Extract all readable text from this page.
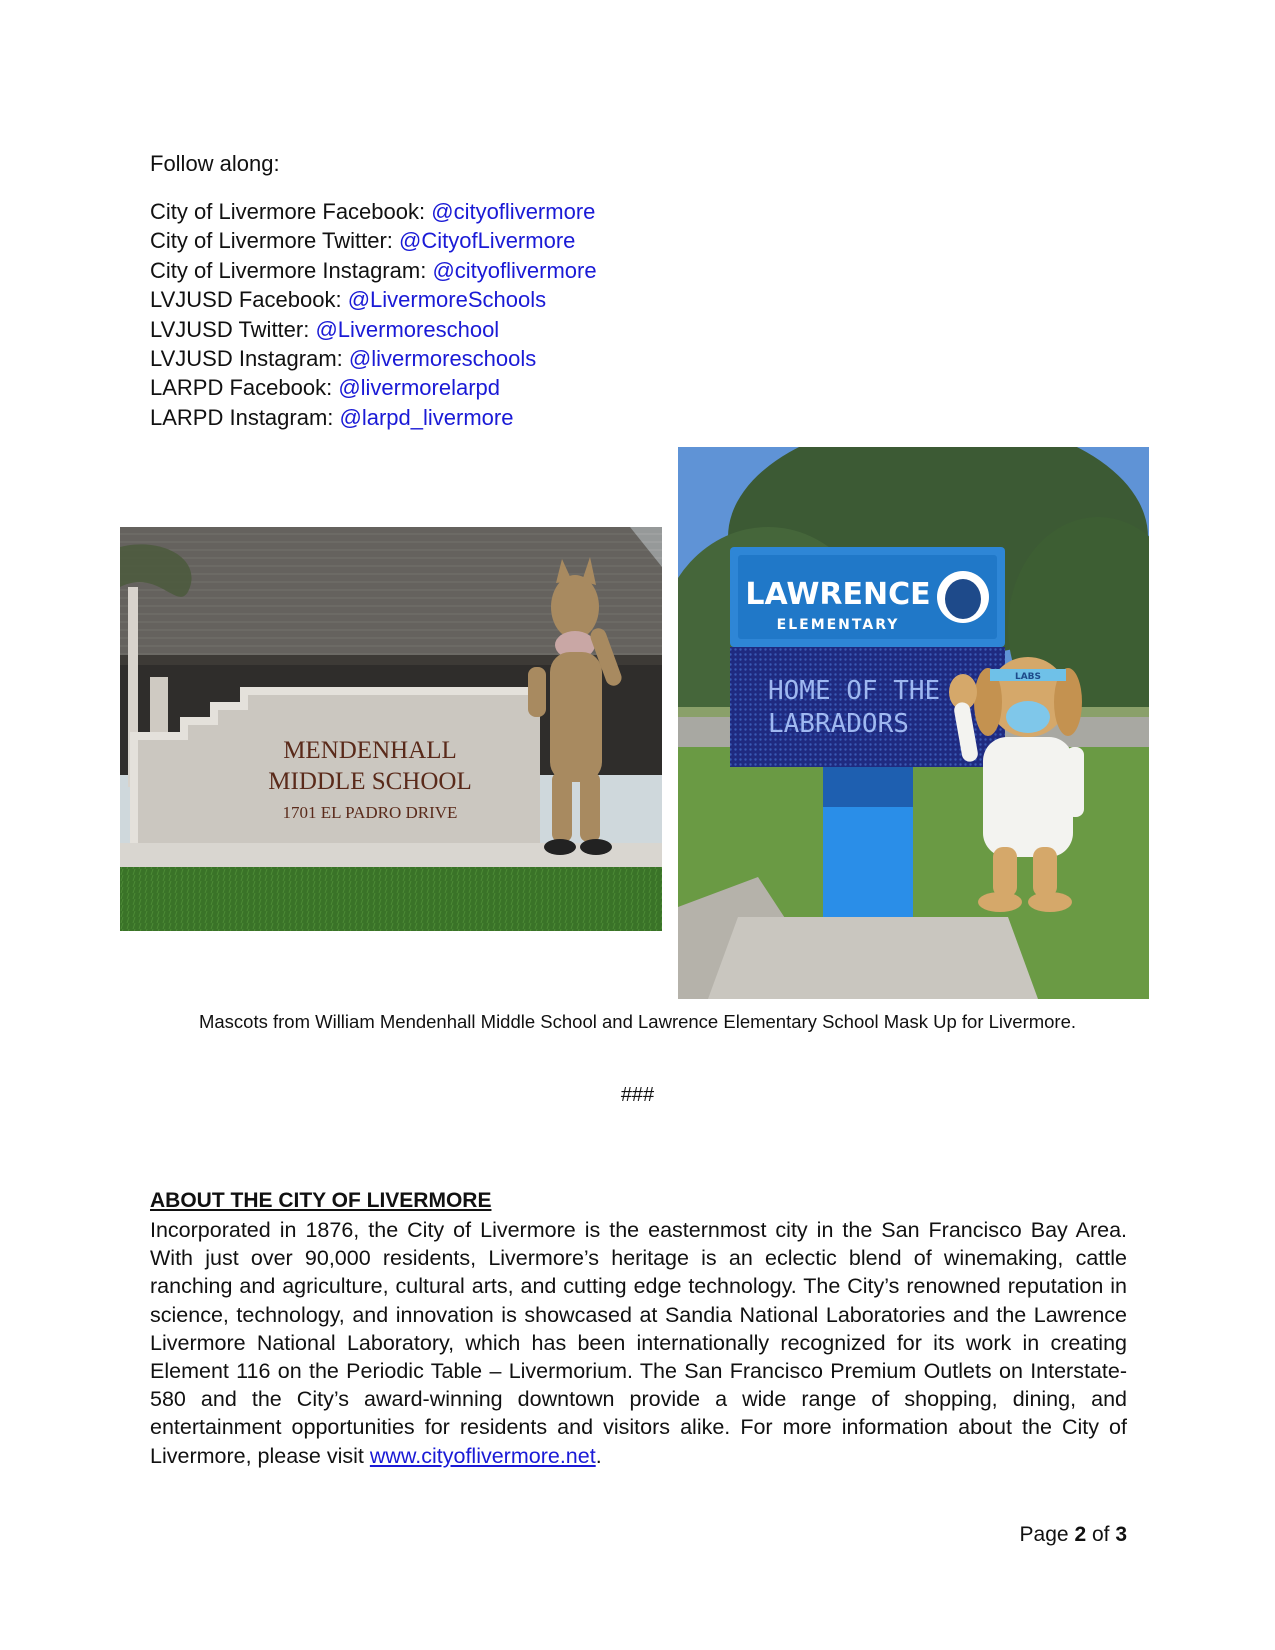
Follow along:
City of Livermore Facebook: @cityoflivermore
City of Livermore Twitter: @CityofLivermore
City of Livermore Instagram: @cityoflivermore
LVJUSD Facebook: @LivermoreSchools
LVJUSD Twitter: @Livermoreschool
LVJUSD Instagram: @livermoreschools
LARPD Facebook: @livermorelarpd
LARPD Instagram: @larpd_livermore
MENDENHALL
MIDDLE SCHOOL
1701 EL PADRO DRIVE
LAWRENCE
ELEMENTARY
HOME OF THE
LABRADORS
LABS
Mascots from William Mendenhall Middle School and Lawrence Elementary School Mask Up for Livermore.
###
ABOUT THE CITY OF LIVERMORE
Incorporated in 1876, the City of Livermore is the easternmost city in the San Francisco Bay Area. With just over 90,000 residents, Livermore’s heritage is an eclectic blend of winemaking, cattle ranching and agriculture, cultural arts, and cutting edge technology. The City’s renowned reputation in science, technology, and innovation is showcased at Sandia National Laboratories and the Lawrence Livermore National Laboratory, which has been internationally recognized for its work in creating Element 116 on the Periodic Table – Livermorium. The San Francisco Premium Outlets on Interstate-580 and the City’s award-winning downtown provide a wide range of shopping, dining, and entertainment opportunities for residents and visitors alike. For more information about the City of Livermore, please visit www.cityoflivermore.net.
Page 2 of 3
